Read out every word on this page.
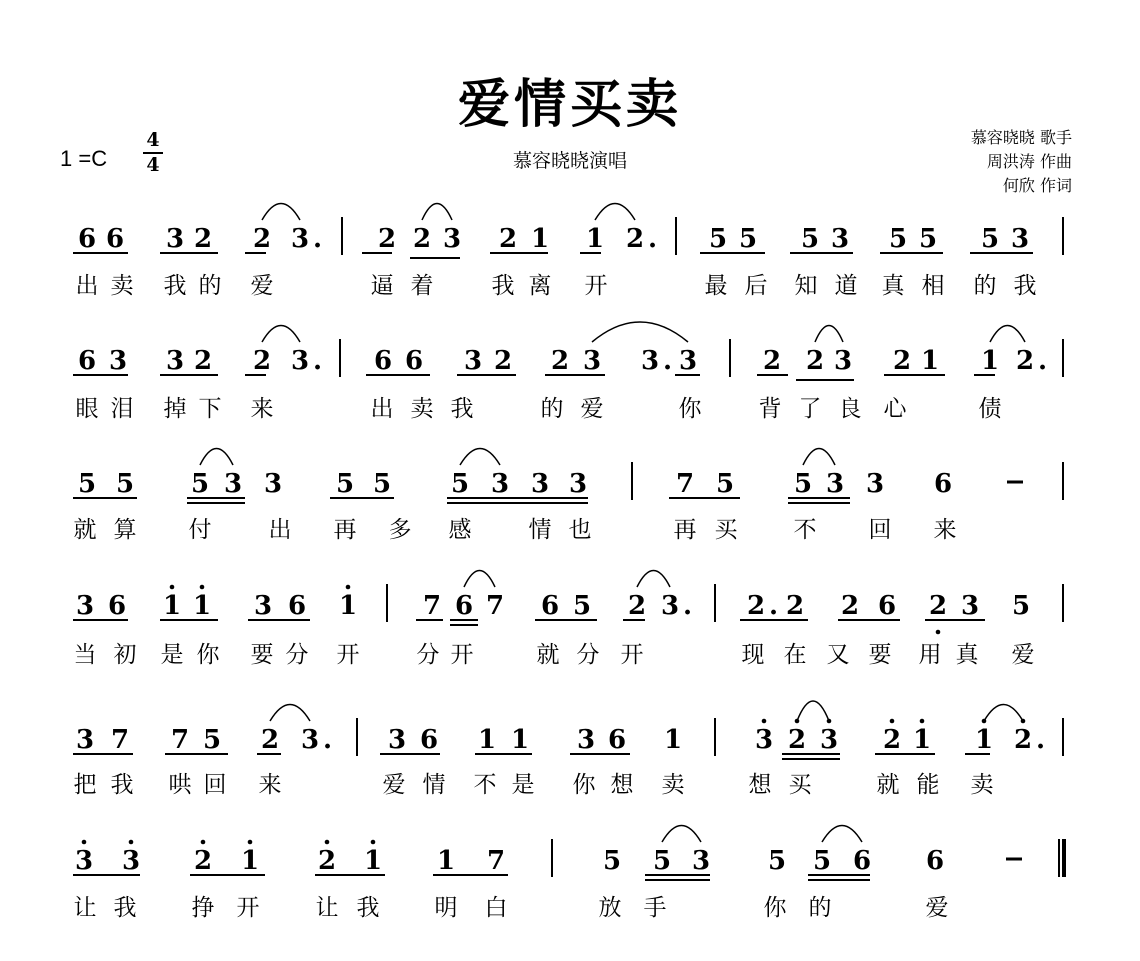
爱情买卖
1 =C
4
4	慕容晓晓演唱
慕容晓晓 歌手
周洪涛 作曲
何欣 作词
6 6 3 2 2 3 . 2 2 3 2 1 1 2 . 5 5 5 3 5 5 5 3
出 卖 我 的 爱	逼 着	我 离 开	最 后 知 道 真 相 的 我
6 3 3 2 2 3 . 6 6 3 2 2 3 3 . 3	2 2 3 2 1 1 2 .
眼 泪 掉 下 来	出 卖 我	的 爱	你 背 了 良 心	债
5 5 5 3 3 5 5 5 3 3 3	7 5 5 3 3 6
就 算 付 出 再 多 感 情 也	再 买 不 回 来
3 6 1 1 3 6 1	7 6 7 6 5 2 3 . 2 . 2 2 6 2 3 5
当 初 是 你 要 分 开 分 开	就 分 开	现 在 又 要 用 真 爱
3 7 7 5 2 3 . 3 6 1 1 3 6 1	3 2 3 2 1 1 2 .
把 我 哄 回 来	爱 情 不 是 你 想 卖	想 买	就 能 卖
3 3 2 1 2 1 1 7	5 5 3 5 5 6 6
让 我 挣 开 让 我 明 白	放 手	你 的	爱
